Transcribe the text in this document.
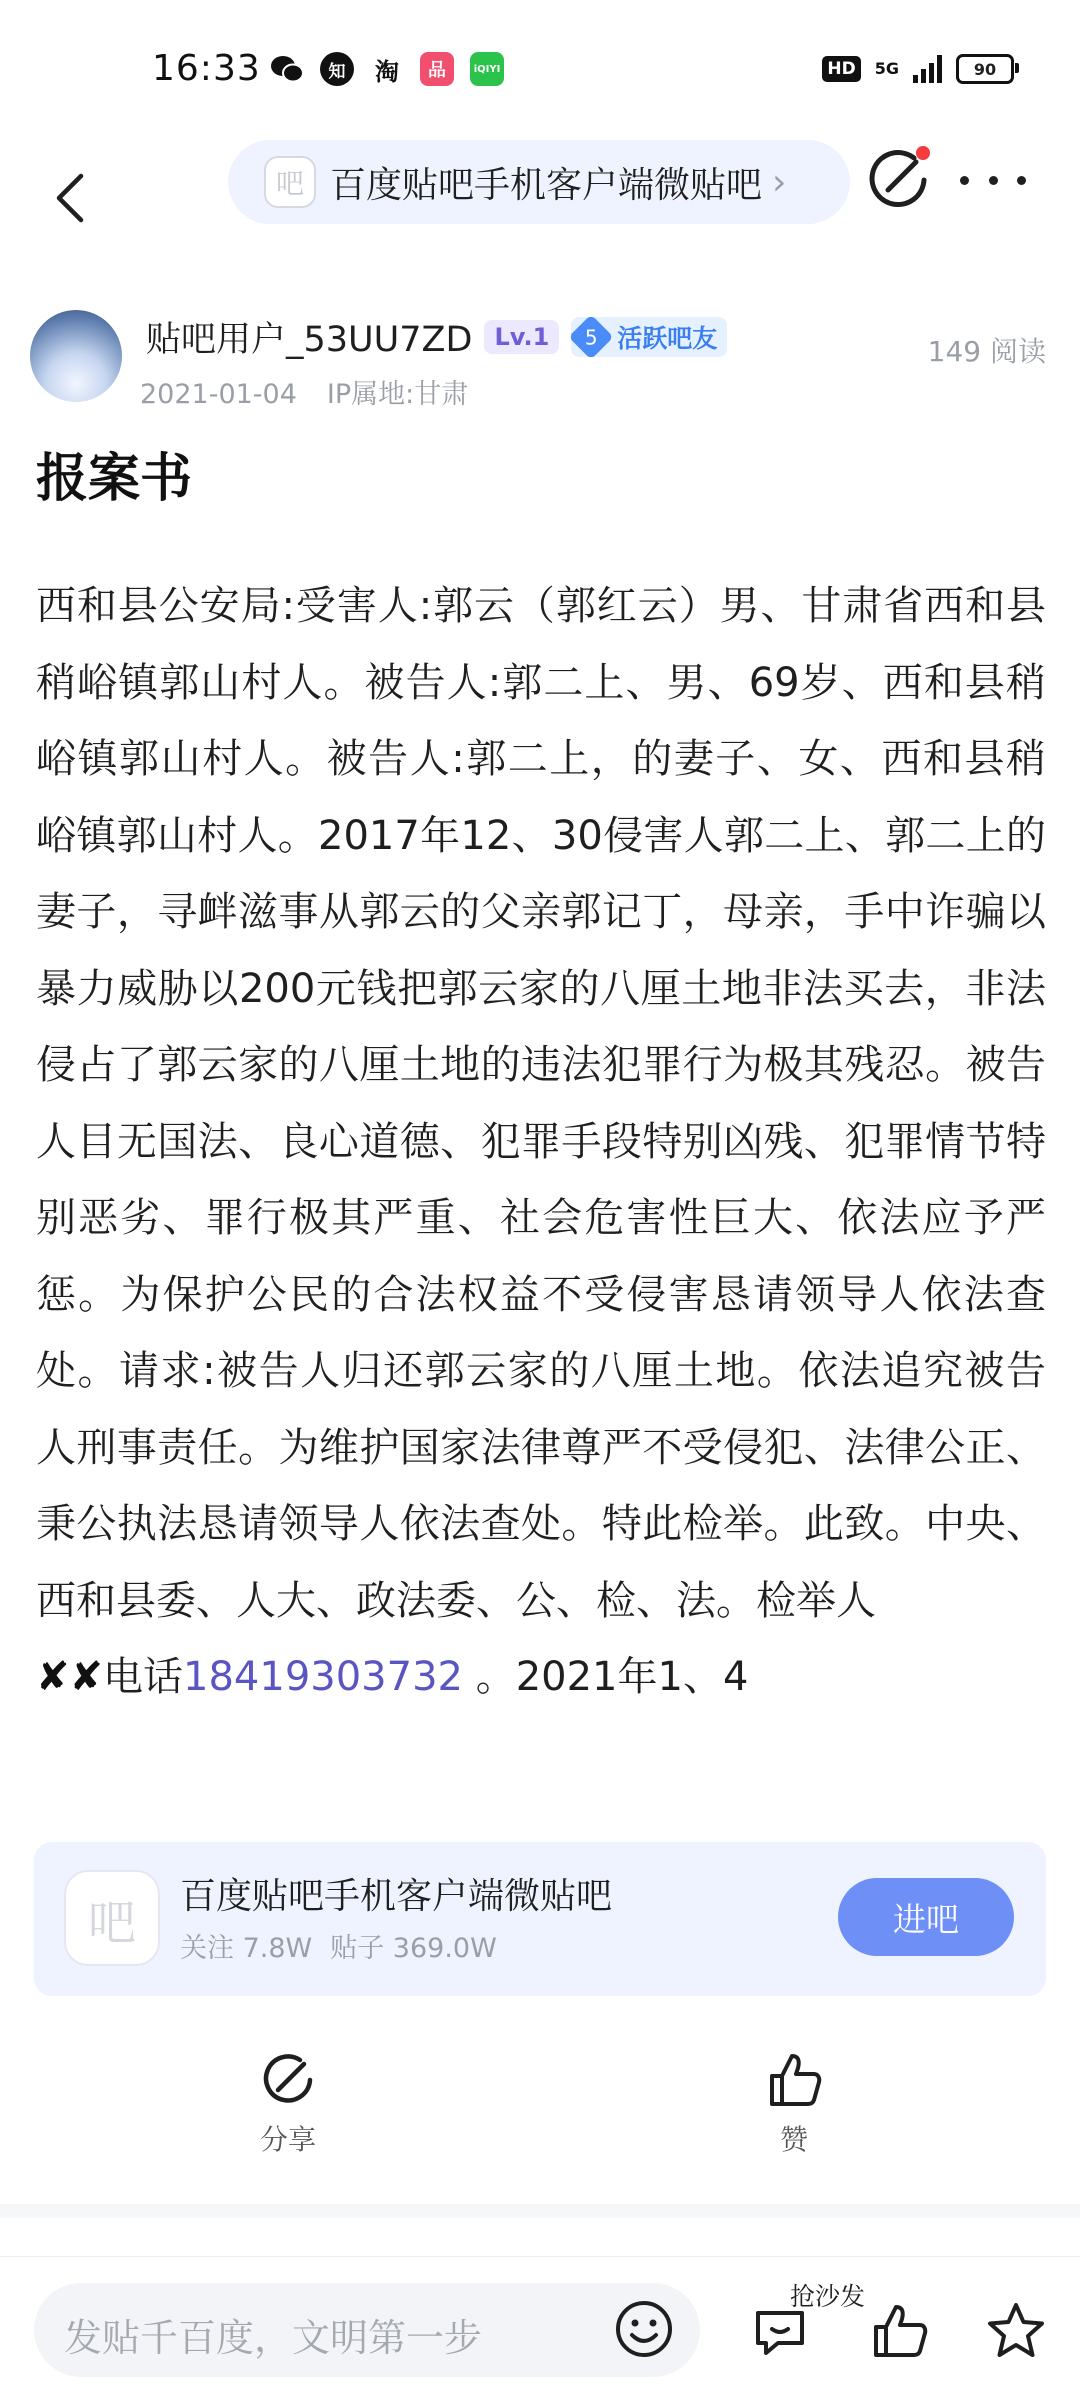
16:33	知 淘 品	iQIYI	HD	5G	90
吧 百度贴吧手机客户端微贴吧 ›
贴吧用户_53UU7ZD Lv.1	5 活跃吧友
2021-01-04 IP属地:甘肃
149 阅读
报案书
西和县公安局:受害人:郭云（郭红云）男、甘肃省西和县稍峪镇郭山村人。被告人:郭二上、男、69岁、西和县稍峪镇郭山村人。被告人:郭二上，的妻子、女、西和县稍峪镇郭山村人。2017年12、30侵害人郭二上、郭二上的妻子，寻衅滋事从郭云的父亲郭记丁，母亲，手中诈骗以暴力威胁以200元钱把郭云家的八厘土地非法买去，非法侵占了郭云家的八厘土地的违法犯罪行为极其残忍。被告人目无国法、良心道德、犯罪手段特别凶残、犯罪情节特别恶劣、罪行极其严重、社会危害性巨大、依法应予严惩。为保护公民的合法权益不受侵害恳请领导人依法查处。请求:被告人归还郭云家的八厘土地。依法追究被告人刑事责任。为维护国家法律尊严不受侵犯、法律公正、秉公执法恳请领导人依法查处。特此检举。此致。中央、西和县委、人大、政法委、公、检、法。检举人
✘✘电话18419303732 。2021年1、4
吧	百度贴吧手机客户端微贴吧
关注 7.8W 贴子 369.0W
进吧
分享	赞
发贴千百度，文明第一步
抢沙发
